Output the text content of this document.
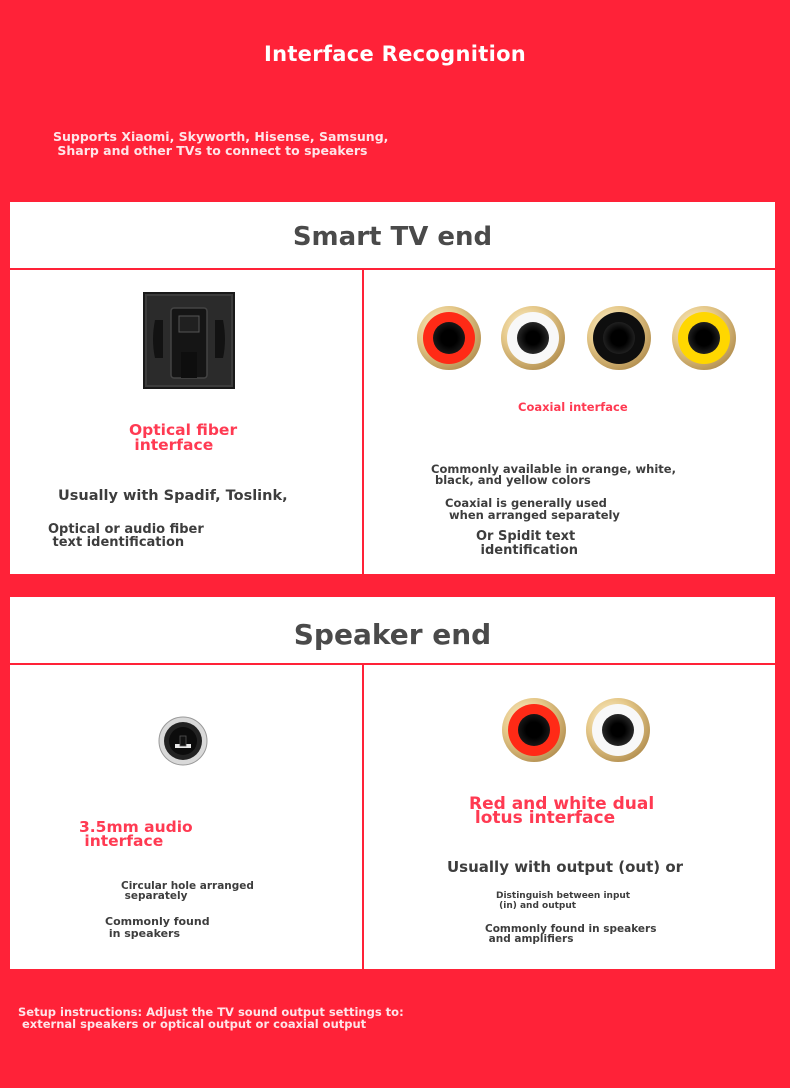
Interface Recognition
Supports Xiaomi, Skyworth, Hisense, Samsung,
Sharp and other TVs to connect to speakers
Smart TV end
Optical fiber
interface
Usually with Spadif, Toslink,
Optical or audio fiber
text identification
Coaxial interface
Commonly available in orange, white,
black, and yellow colors
Coaxial is generally used
when arranged separately
Or Spidit text
identification
Speaker end
3.5mm audio
interface
Circular hole arranged
separately
Commonly found
in speakers
Red and white dual
lotus interface
Usually with output (out) or
Distinguish between input
(in) and output
Commonly found in speakers
and amplifiers
Setup instructions: Adjust the TV sound output settings to:
external speakers or optical output or coaxial output
